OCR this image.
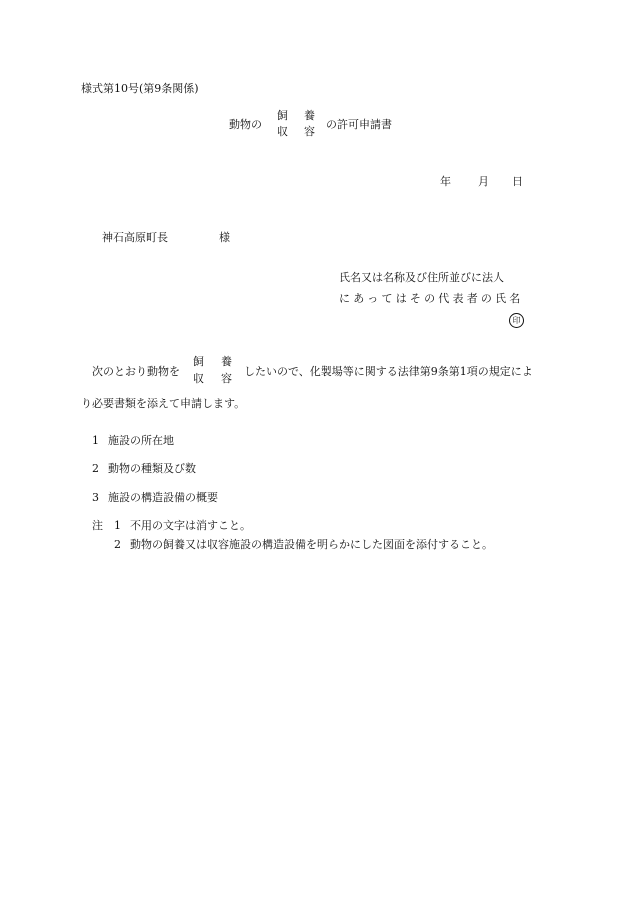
様式第10号(第9条関係)
動物の
飼 養
収 容
の許可申請書
年 月 日
神石高原町長	様
氏名又は名称及び住所並びに法人
にあってはその代表者の氏名
印
次のとおり動物を
飼 養
収 容
したいので、化製場等に関する法律第9条第1項の規定によ
り必要書類を添えて申請します。
1 施設の所在地
2 動物の種類及び数
3 施設の構造設備の概要
注 1 不用の文字は消すこと。
2 動物の飼養又は収容施設の構造設備を明らかにした図面を添付すること。
